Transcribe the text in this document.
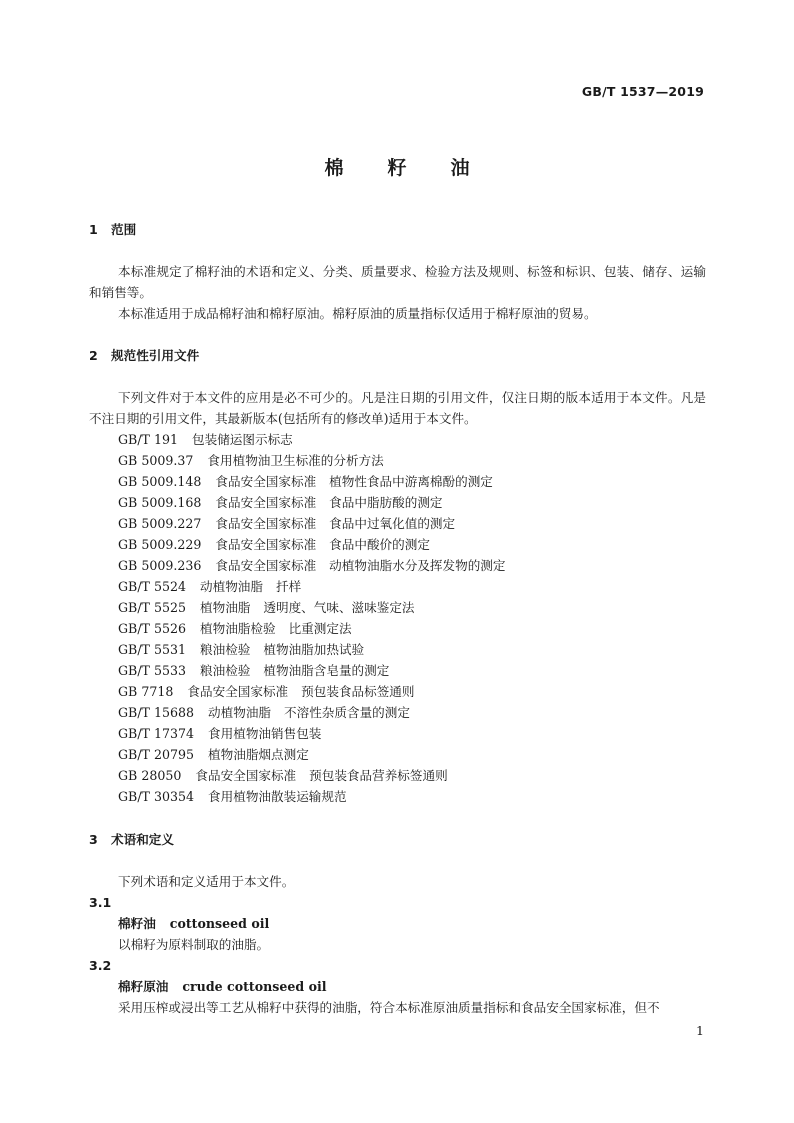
GB/T 1537—2019
棉 籽 油
1 范围

本标准规定了棉籽油的术语和定义、分类、质量要求、检验方法及规则、标签和标识、包装、储存、运输和销售等。

本标准适用于成品棉籽油和棉籽原油。棉籽原油的质量指标仅适用于棉籽原油的贸易。

2 规范性引用文件

下列文件对于本文件的应用是必不可少的。凡是注日期的引用文件，仅注日期的版本适用于本文件。凡是不注日期的引用文件，其最新版本(包括所有的修改单)适用于本文件。

GB/T 191 包装储运图示标志

GB 5009.37 食用植物油卫生标准的分析方法

GB 5009.148 食品安全国家标准 植物性食品中游离棉酚的测定

GB 5009.168 食品安全国家标准 食品中脂肪酸的测定

GB 5009.227 食品安全国家标准 食品中过氧化值的测定

GB 5009.229 食品安全国家标准 食品中酸价的测定

GB 5009.236 食品安全国家标准 动植物油脂水分及挥发物的测定

GB/T 5524 动植物油脂 扦样

GB/T 5525 植物油脂 透明度、气味、滋味鉴定法

GB/T 5526 植物油脂检验 比重测定法

GB/T 5531 粮油检验 植物油脂加热试验

GB/T 5533 粮油检验 植物油脂含皂量的测定

GB 7718 食品安全国家标准 预包装食品标签通则

GB/T 15688 动植物油脂 不溶性杂质含量的测定

GB/T 17374 食用植物油销售包装

GB/T 20795 植物油脂烟点测定

GB 28050 食品安全国家标准 预包装食品营养标签通则

GB/T 30354 食用植物油散装运输规范

3 术语和定义

下列术语和定义适用于本文件。

3.1

棉籽油 cottonseed oil

以棉籽为原料制取的油脂。

3.2

棉籽原油 crude cottonseed oil

采用压榨或浸出等工艺从棉籽中获得的油脂，符合本标准原油质量指标和食品安全国家标准，但不

1
